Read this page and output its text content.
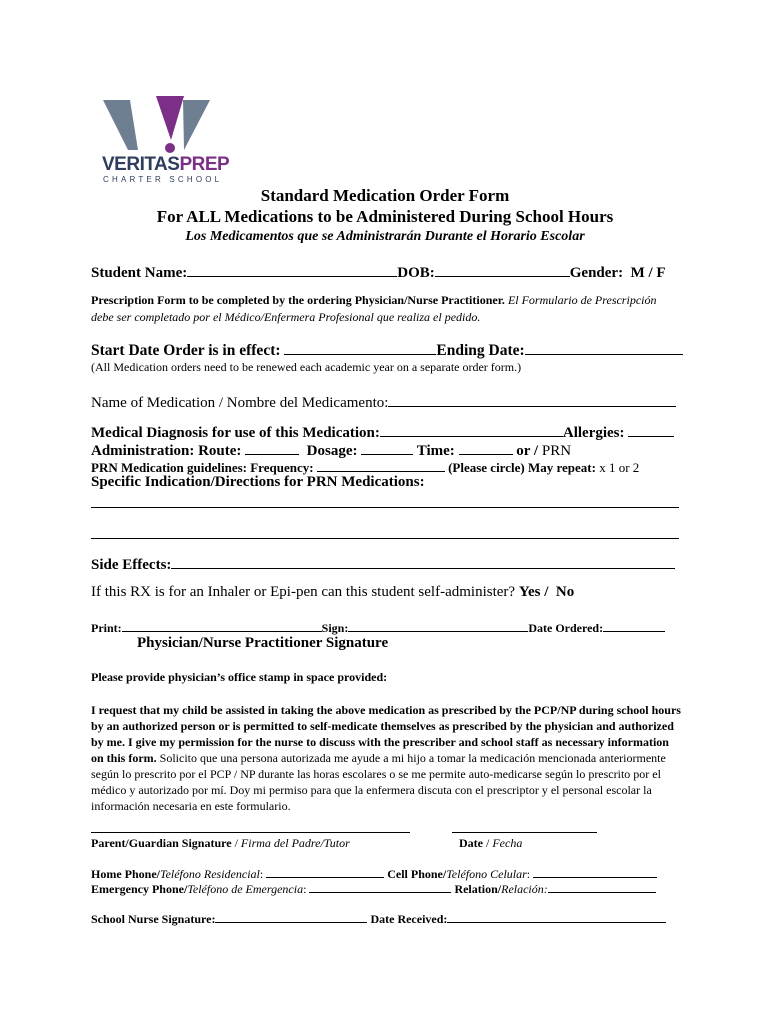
VERITASPREP
CHARTER SCHOOL
Standard Medication Order Form
For ALL Medications to be Administered During School Hours
Los Medicamentos que se Administrarán Durante el Horario Escolar
Student Name:	DOB:	Gender: M / F
Prescription Form to be completed by the ordering Physician/Nurse Practitioner. El Formulario de Prescripción debe ser completado por el Médico/Enfermera Profesional que realiza el pedido.
Start Date Order is in effect:	Ending Date:
(All Medication orders need to be renewed each academic year on a separate order form.)
Name of Medication / Nombre del Medicamento:
Medical Diagnosis for use of this Medication:	Allergies:
Administration: Route:	Dosage:	Time:	or / PRN
PRN Medication guidelines: Frequency:	(Please circle) May repeat: x 1 or 2
Specific Indication/Directions for PRN Medications:
Side Effects:
If this RX is for an Inhaler or Epi-pen can this student self-administer? Yes / No
Print:	Sign:	Date Ordered:
Physician/Nurse Practitioner Signature
Please provide physician’s office stamp in space provided:
I request that my child be assisted in taking the above medication as prescribed by the PCP/NP during school hours by an authorized person or is permitted to self-medicate themselves as prescribed by the physician and authorized by me. I give my permission for the nurse to discuss with the prescriber and school staff as necessary information on this form. Solicito que una persona autorizada me ayude a mi hijo a tomar la medicación mencionada anteriormente según lo prescrito por el PCP / NP durante las horas escolares o se me permite auto-medicarse según lo prescrito por el médico y autorizado por mí. Doy mi permiso para que la enfermera discuta con el prescriptor y el personal escolar la información necesaria en este formulario.
Parent/Guardian Signature / Firma del Padre/Tutor	Date / Fecha
Home Phone/Teléfono Residencial:	Cell Phone/Teléfono Celular:
Emergency Phone/Teléfono de Emergencia:	Relation/Relación:
School Nurse Signature:	Date Received:
